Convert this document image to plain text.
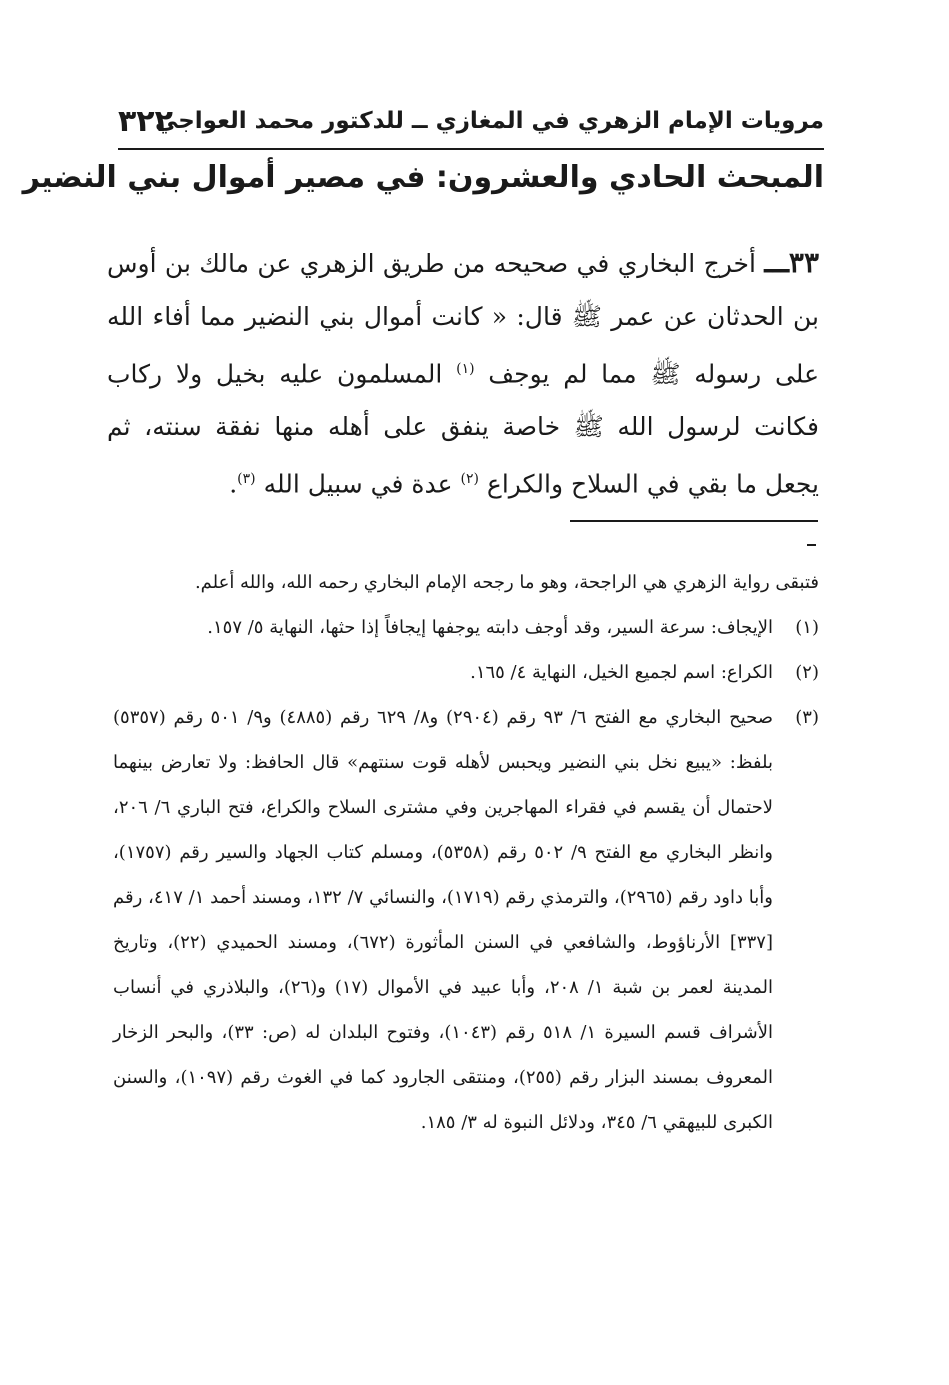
مرويات الإمام الزهري في المغازي ــ للدكتور محمد العواجي
٣٢٢
المبحث الحادي والعشرون: في مصير أموال بني النضير

٣٣ـــ أخرج البخاري في صحيحه من طريق الزهري عن مالك بن أوس بن الحدثان عن عمر ﷺ قال: « كانت أموال بني النضير مما أفاء الله على رسوله ﷺ مما لم يوجف $^{(١)}$ المسلمون عليه بخيل ولا ركاب فكانت لرسول الله ﷺ خاصة ينفق على أهله منها نفقة سنته، ثم يجعل ما بقي في السلاح والكراع $^{(٢)}$ عدة في سبيل الله $^{(٣)}$.

فتبقى رواية الزهري هي الراجحة، وهو ما رجحه الإمام البخاري رحمه الله، والله أعلم.
(١)
الإيجاف: سرعة السير، وقد أوجف دابته يوجفها إيجافاً إذا حثها، النهاية ٥/ ١٥٧.
(٢)
الكراع: اسم لجميع الخيل، النهاية ٤/ ١٦٥.
(٣)
صحيح البخاري مع الفتح ٦/ ٩٣ رقم (٢٩٠٤) و٨/ ٦٢٩ رقم (٤٨٨٥) و٩/ ٥٠١ رقم (٥٣٥٧) بلفظ: «يبيع نخل بني النضير ويحبس لأهله قوت سنتهم» قال الحافظ: ولا تعارض بينهما لاحتمال أن يقسم في فقراء المهاجرين وفي مشترى السلاح والكراع، فتح الباري ٦/ ٢٠٦، وانظر البخاري مع الفتح ٩/ ٥٠٢ رقم (٥٣٥٨)، ومسلم كتاب الجهاد والسير رقم (١٧٥٧)، وأبا داود رقم (٢٩٦٥)، والترمذي رقم (١٧١٩)، والنسائي ٧/ ١٣٢، ومسند أحمد ١/ ٤١٧، رقم [٣٣٧] الأرناؤوط، والشافعي في السنن المأثورة (٦٧٢)، ومسند الحميدي (٢٢)، وتاريخ المدينة لعمر بن شبة ١/ ٢٠٨، وأبا عبيد في الأموال (١٧) و(٢٦)، والبلاذري في أنساب الأشراف قسم السيرة ١/ ٥١٨ رقم (١٠٤٣)، وفتوح البلدان له (ص: ٣٣)، والبحر الزخار المعروف بمسند البزار رقم (٢٥٥)، ومنتقى الجارود كما في الغوث رقم (١٠٩٧)، والسنن الكبرى للبيهقي ٦/ ٣٤٥، ودلائل النبوة له ٣/ ١٨٥.
